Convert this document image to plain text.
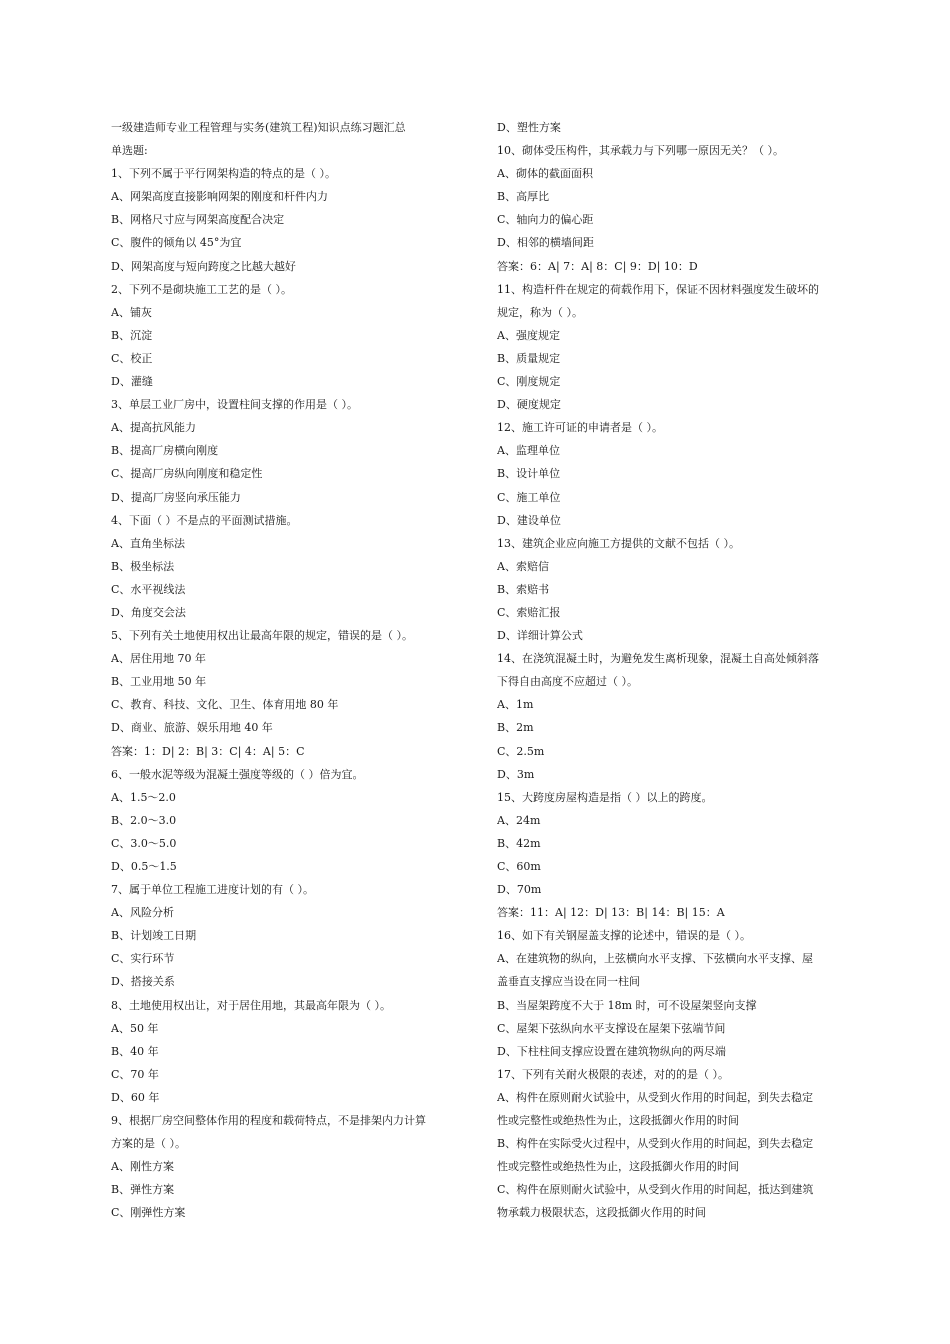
一级建造师专业工程管理与实务(建筑工程)知识点练习题汇总
单选题:
1、下列不属于平行网架构造的特点的是（ ）。
A、网架高度直接影响网架的刚度和杆件内力
B、网格尺寸应与网架高度配合决定
C、腹件的倾角以 45°为宜
D、网架高度与短向跨度之比越大越好
2、下列不是砌块施工工艺的是（ ）。
A、铺灰
B、沉淀
C、校正
D、灌缝
3、单层工业厂房中，设置柱间支撑的作用是（ ）。
A、提高抗风能力
B、提高厂房横向刚度
C、提高厂房纵向刚度和稳定性
D、提高厂房竖向承压能力
4、下面（ ）不是点的平面测试措施。
A、直角坐标法
B、极坐标法
C、水平视线法
D、角度交会法
5、下列有关土地使用权出让最高年限的规定，错误的是（ ）。
A、居住用地 70 年
B、工业用地 50 年
C、教育、科技、文化、卫生、体育用地 80 年
D、商业、旅游、娱乐用地 40 年
答案：1：D| 2：B| 3：C| 4：A| 5：C
6、一般水泥等级为混凝土强度等级的（ ）倍为宜。
A、1.5～2.0
B、2.0～3.0
C、3.0～5.0
D、0.5～1.5
7、属于单位工程施工进度计划的有（ ）。
A、风险分析
B、计划竣工日期
C、实行环节
D、搭接关系
8、土地使用权出让，对于居住用地，其最高年限为（ ）。
A、50 年
B、40 年
C、70 年
D、60 年
9、根据厂房空间整体作用的程度和载荷特点，不是排架内力计算
方案的是（ ）。
A、刚性方案
B、弹性方案
C、刚弹性方案
D、塑性方案
10、砌体受压构件，其承载力与下列哪一原因无关？（ ）。
A、砌体的截面面积
B、高厚比
C、轴向力的偏心距
D、相邻的横墙间距
答案：6：A| 7：A| 8：C| 9：D| 10：D
11、构造杆件在规定的荷载作用下，保证不因材料强度发生破坏的
规定，称为（ ）。
A、强度规定
B、质量规定
C、刚度规定
D、硬度规定
12、施工许可证的申请者是（ ）。
A、监理单位
B、设计单位
C、施工单位
D、建设单位
13、建筑企业应向施工方提供的文献不包括（ ）。
A、索赔信
B、索赔书
C、索赔汇报
D、详细计算公式
14、在浇筑混凝土时，为避免发生离析现象，混凝土自高处倾斜落
下得自由高度不应超过（ ）。
A、1m
B、2m
C、2.5m
D、3m
15、大跨度房屋构造是指（ ）以上的跨度。
A、24m
B、42m
C、60m
D、70m
答案：11：A| 12：D| 13：B| 14：B| 15：A
16、如下有关钢屋盖支撑的论述中，错误的是（ ）。
A、在建筑物的纵向，上弦横向水平支撑、下弦横向水平支撑、屋
盖垂直支撑应当设在同一柱间
B、当屋架跨度不大于 18m 时，可不设屋架竖向支撑
C、屋架下弦纵向水平支撑设在屋架下弦端节间
D、下柱柱间支撑应设置在建筑物纵向的两尽端
17、下列有关耐火极限的表述，对的的是（ ）。
A、构件在原则耐火试验中，从受到火作用的时间起，到失去稳定
性或完整性或绝热性为止，这段抵御火作用的时间
B、构件在实际受火过程中，从受到火作用的时间起，到失去稳定
性或完整性或绝热性为止，这段抵御火作用的时间
C、构件在原则耐火试验中，从受到火作用的时间起，抵达到建筑
物承载力极限状态，这段抵御火作用的时间
